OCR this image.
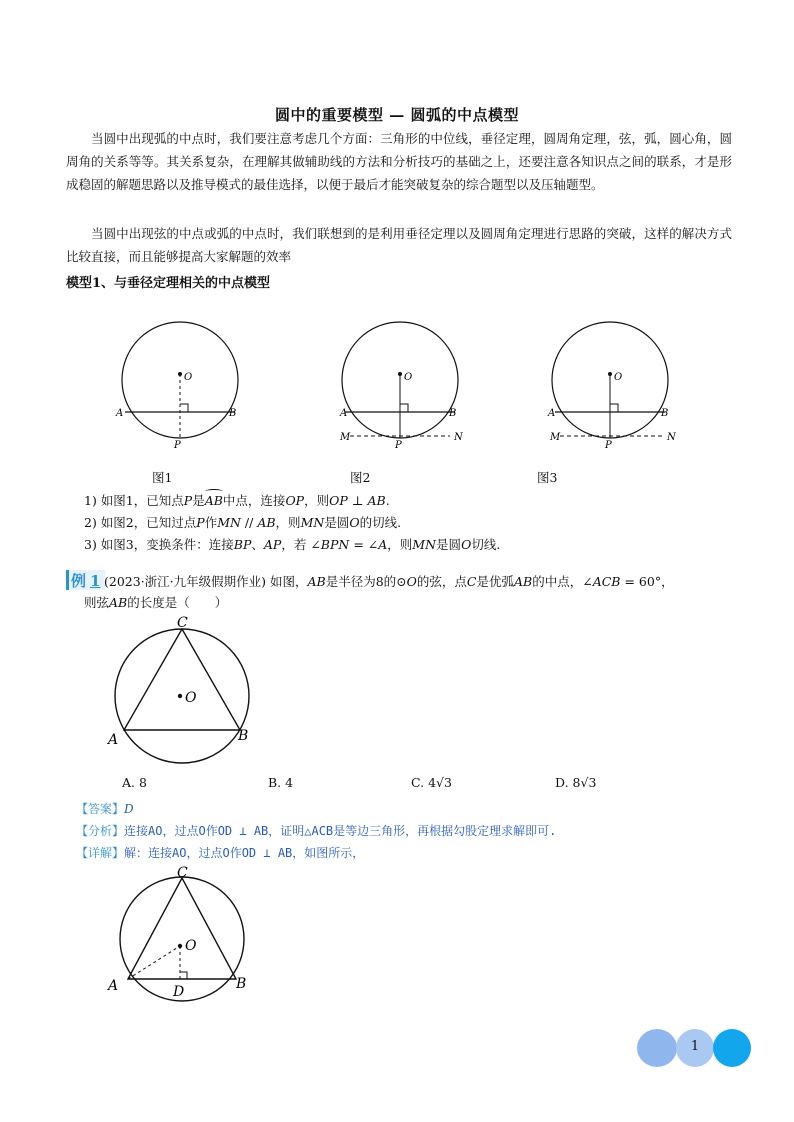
圆中的重要模型 — 圆弧的中点模型
当圆中出现弧的中点时，我们要注意考虑几个方面：三角形的中位线，垂径定理，圆周角定理，弦，弧，圆心角，圆周角的关系等等。其关系复杂，在理解其做辅助线的方法和分析技巧的基础之上，还要注意各知识点之间的联系，才是形成稳固的解题思路以及推导模式的最佳选择，以便于最后才能突破复杂的综合题型以及压轴题型。
当圆中出现弦的中点或弧的中点时，我们联想到的是利用垂径定理以及圆周角定理进行思路的突破，这样的解决方式比较直接，而且能够提高大家解题的效率
模型1、与垂径定理相关的中点模型
O
A	B
P
图1
O
A	B
P
M	N
图2
O
A	B
P
M	N
图3
1) 如图1，已知点P是
AB中点，连接OP，则OP ⊥ AB.
2) 如图2，已知过点P作MN // AB，则MN是圆O的切线.
3) 如图3，变换条件：连接BP、AP，若 ∠BPN = ∠A，则MN是圆O切线.
例 1 (2023·浙江·九年级假期作业) 如图，AB是半径为8的⊙O的弦，点C是优弧AB的中点，∠ACB = 60°，
则弦AB的长度是（　　）
C
O
A	B
A. 8	B. 4	C. 4√3	D. 8√3
【答案】D
【分析】连接AO，过点O作OD ⊥ AB，证明△ACB是等边三角形，再根据勾股定理求解即可.
【详解】解：连接AO，过点O作OD ⊥ AB，如图所示，
C
O
A	D	B
1
